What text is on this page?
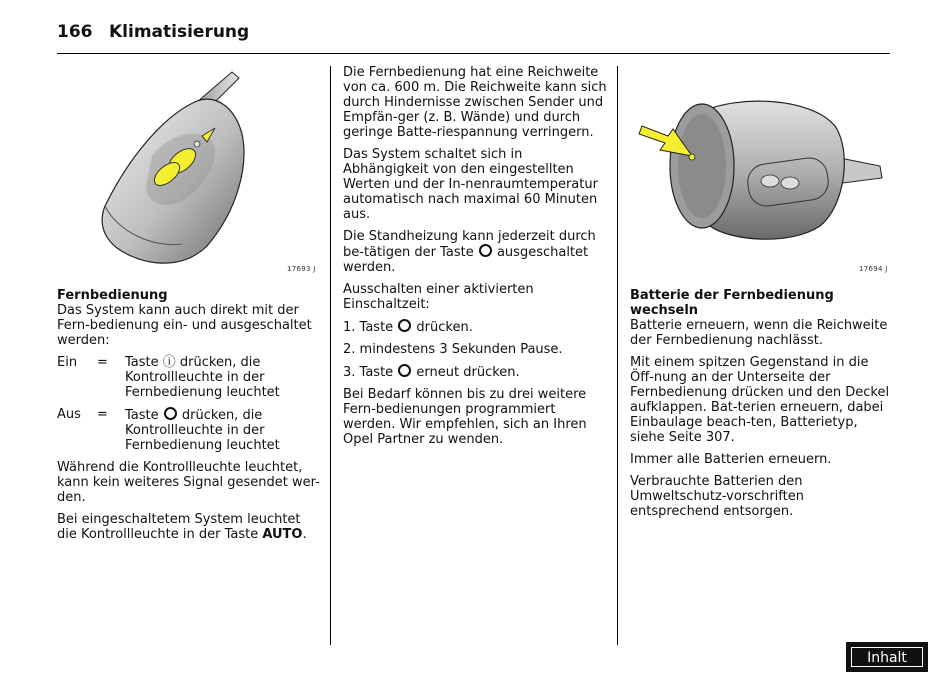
166 Klimatisierung
17693 J
Fernbedienung

Das System kann auch direkt mit der Fern-bedienung ein- und ausgeschaltet werden:

Ein	=	Taste ⓘ drücken, die Kontrollleuchte in der Fernbedienung leuchtet
Aus	=	Taste  drücken, die Kontrollleuchte in der Fernbedienung leuchtet

Während die Kontrollleuchte leuchtet, kann kein weiteres Signal gesendet wer-den.

Bei eingeschaltetem System leuchtet die Kontrollleuchte in der Taste AUTO.

Die Fernbedienung hat eine Reichweite von ca. 600 m. Die Reichweite kann sich durch Hindernisse zwischen Sender und Empfän-ger (z. B. Wände) und durch geringe Batte-riespannung verringern.

Das System schaltet sich in Abhängigkeit von den eingestellten Werten und der In-nenraumtemperatur automatisch nach maximal 60 Minuten aus.

Die Standheizung kann jederzeit durch be-tätigen der Taste  ausgeschaltet werden.

Ausschalten einer aktivierten Einschaltzeit:

1. Taste  drücken.

2. mindestens 3 Sekunden Pause.

3. Taste  erneut drücken.

Bei Bedarf können bis zu drei weitere Fern-bedienungen programmiert werden. Wir empfehlen, sich an Ihren Opel Partner zu wenden.

17694 J
Batterie der Fernbedienung wechseln

Batterie erneuern, wenn die Reichweite der Fernbedienung nachlässt.

Mit einem spitzen Gegenstand in die Öff-nung an der Unterseite der Fernbedienung drücken und den Deckel aufklappen. Bat-terien erneuern, dabei Einbaulage beach-ten, Batterietyp, siehe Seite 307.

Immer alle Batterien erneuern.

Verbrauchte Batterien den Umweltschutz-vorschriften entsprechend entsorgen.

Inhalt
